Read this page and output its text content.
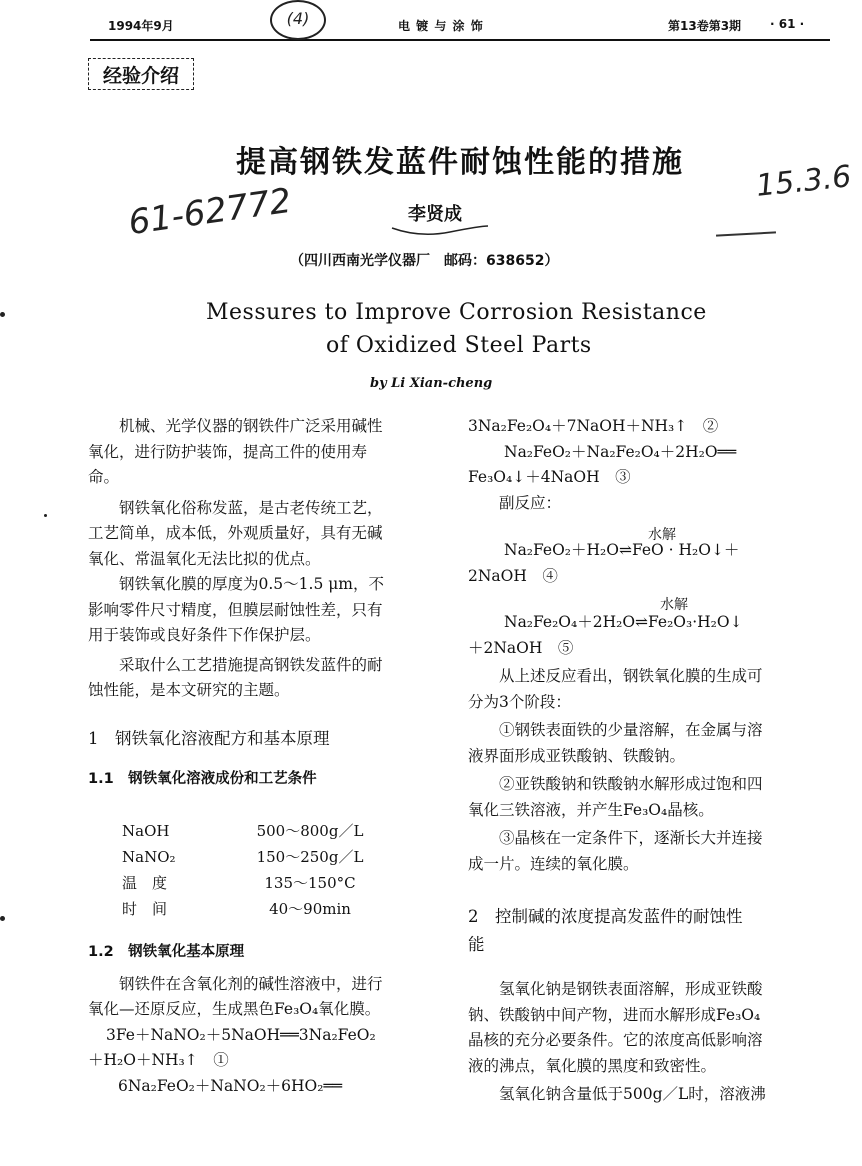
1994年9月	电 镀 与 涂 饰	第13卷第3期 · 61 ·
(4)
经验介绍
提高钢铁发蓝件耐蚀性能的措施
61-62772	15.3.6
李贤成
（四川西南光学仪器厂　邮码：638652）
Messures to Improve Corrosion Resistance
of Oxidized Steel Parts
by Li Xian-cheng

机械、光学仪器的钢铁件广泛采用碱性

氧化，进行防护装饰，提高工件的使用寿

命。

钢铁氧化俗称发蓝，是古老传统工艺，

工艺简单，成本低，外观质量好，具有无碱

氧化、常温氧化无法比拟的优点。

钢铁氧化膜的厚度为0.5～1.5 μm，不

影响零件尺寸精度，但膜层耐蚀性差，只有

用于装饰或良好条件下作保护层。

采取什么工艺措施提高钢铁发蓝件的耐

蚀性能，是本文研究的主题。

1　钢铁氧化溶液配方和基本原理

1.1　钢铁氧化溶液成份和工艺条件

NaOH	500～800g／L
NaNO₂	150～250g／L
温　度	135～150°C
时　间	40～90min

1.2　钢铁氧化基本原理

钢铁件在含氧化剂的碱性溶液中，进行

氧化—还原反应，生成黑色Fe₃O₄氧化膜。

3Fe＋NaNO₂＋5NaOH══3Na₂FeO₂

＋H₂O＋NH₃↑　①

6Na₂FeO₂＋NaNO₂＋6HO₂══

3Na₂Fe₂O₄＋7NaOH＋NH₃↑　②

Na₂FeO₂＋Na₂Fe₂O₄＋2H₂O══

Fe₃O₄↓＋4NaOH　③

副反应：

水解

Na₂FeO₂＋H₂O⇌FeO · H₂O↓＋

2NaOH　④

水解

Na₂Fe₂O₄＋2H₂O⇌Fe₂O₃·H₂O↓

＋2NaOH　⑤

从上述反应看出，钢铁氧化膜的生成可

分为3个阶段：

①钢铁表面铁的少量溶解，在金属与溶

液界面形成亚铁酸钠、铁酸钠。

②亚铁酸钠和铁酸钠水解形成过饱和四

氧化三铁溶液，并产生Fe₃O₄晶核。

③晶核在一定条件下，逐渐长大并连接

成一片。连续的氧化膜。

2　控制碱的浓度提高发蓝件的耐蚀性

能

氢氧化钠是钢铁表面溶解，形成亚铁酸

钠、铁酸钠中间产物，进而水解形成Fe₃O₄

晶核的充分必要条件。它的浓度高低影响溶

液的沸点，氧化膜的黑度和致密性。

氢氧化钠含量低于500g／L时，溶液沸
